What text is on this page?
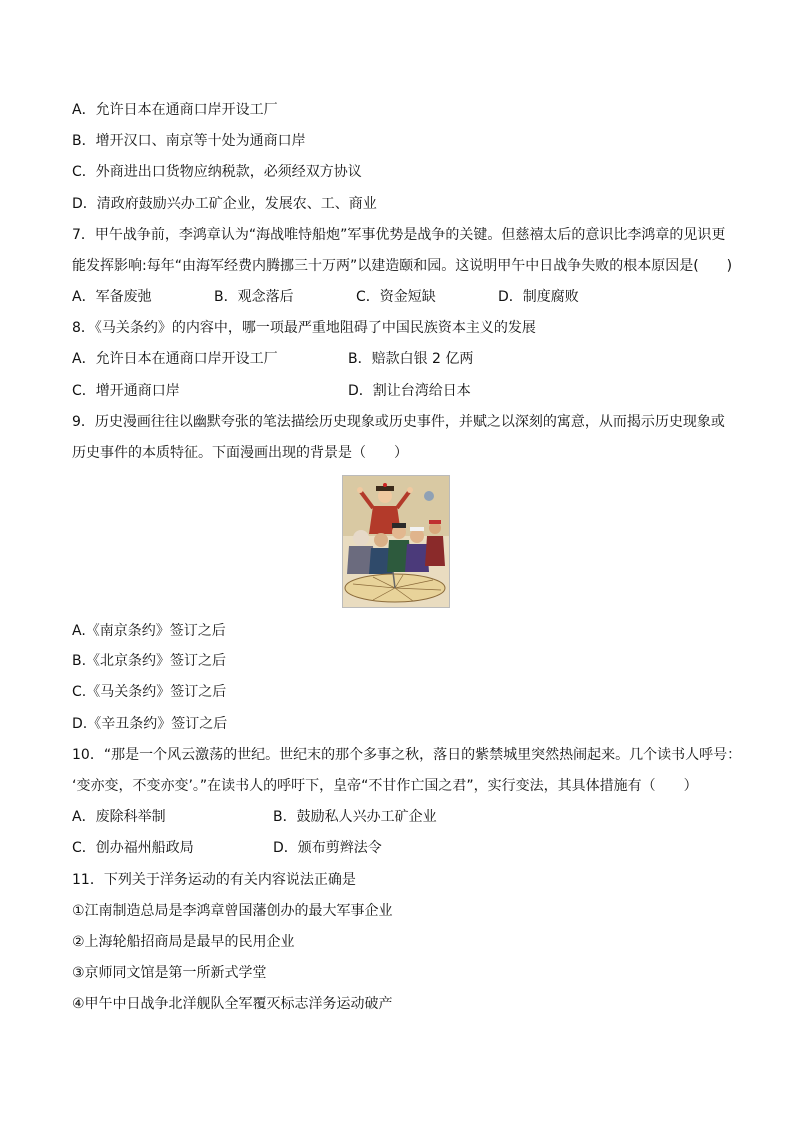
A．允许日本在通商口岸开设工厂
B．增开汉口、南京等十处为通商口岸
C．外商进出口货物应纳税款，必须经双方协议
D．清政府鼓励兴办工矿企业，发展农、工、商业
7．甲午战争前，李鸿章认为“海战唯恃船炮”军事优势是战争的关键。但慈禧太后的意识比李鸿章的见识更
能发挥影响:每年“由海军经费内腾挪三十万两”以建造颐和园。这说明甲午中日战争失败的根本原因是(　　)
A．军备废弛	B．观念落后	C．资金短缺	D．制度腐败
8．《马关条约》的内容中，哪一项最严重地阻碍了中国民族资本主义的发展
A．允许日本在通商口岸开设工厂	B．赔款白银 2 亿两
C．增开通商口岸	D．割让台湾给日本
9．历史漫画往往以幽默夸张的笔法描绘历史现象或历史事件，并赋之以深刻的寓意，从而揭示历史现象或
历史事件的本质特征。下面漫画出现的背景是（　　）
A.《南京条约》签订之后
B.《北京条约》签订之后
C.《马关条约》签订之后
D.《辛丑条约》签订之后
10．“那是一个风云激荡的世纪。世纪末的那个多事之秋，落日的紫禁城里突然热闹起来。几个读书人呼号：
‘变亦变，不变亦变’。”在读书人的呼吁下，皇帝“不甘作亡国之君”，实行变法，其具体措施有（　　）
A．废除科举制	B．鼓励私人兴办工矿企业
C．创办福州船政局	D．颁布剪辫法令
11．下列关于洋务运动的有关内容说法正确是
①江南制造总局是李鸿章曾国藩创办的最大军事企业
②上海轮船招商局是最早的民用企业
③京师同文馆是第一所新式学堂
④甲午中日战争北洋舰队全军覆灭标志洋务运动破产
